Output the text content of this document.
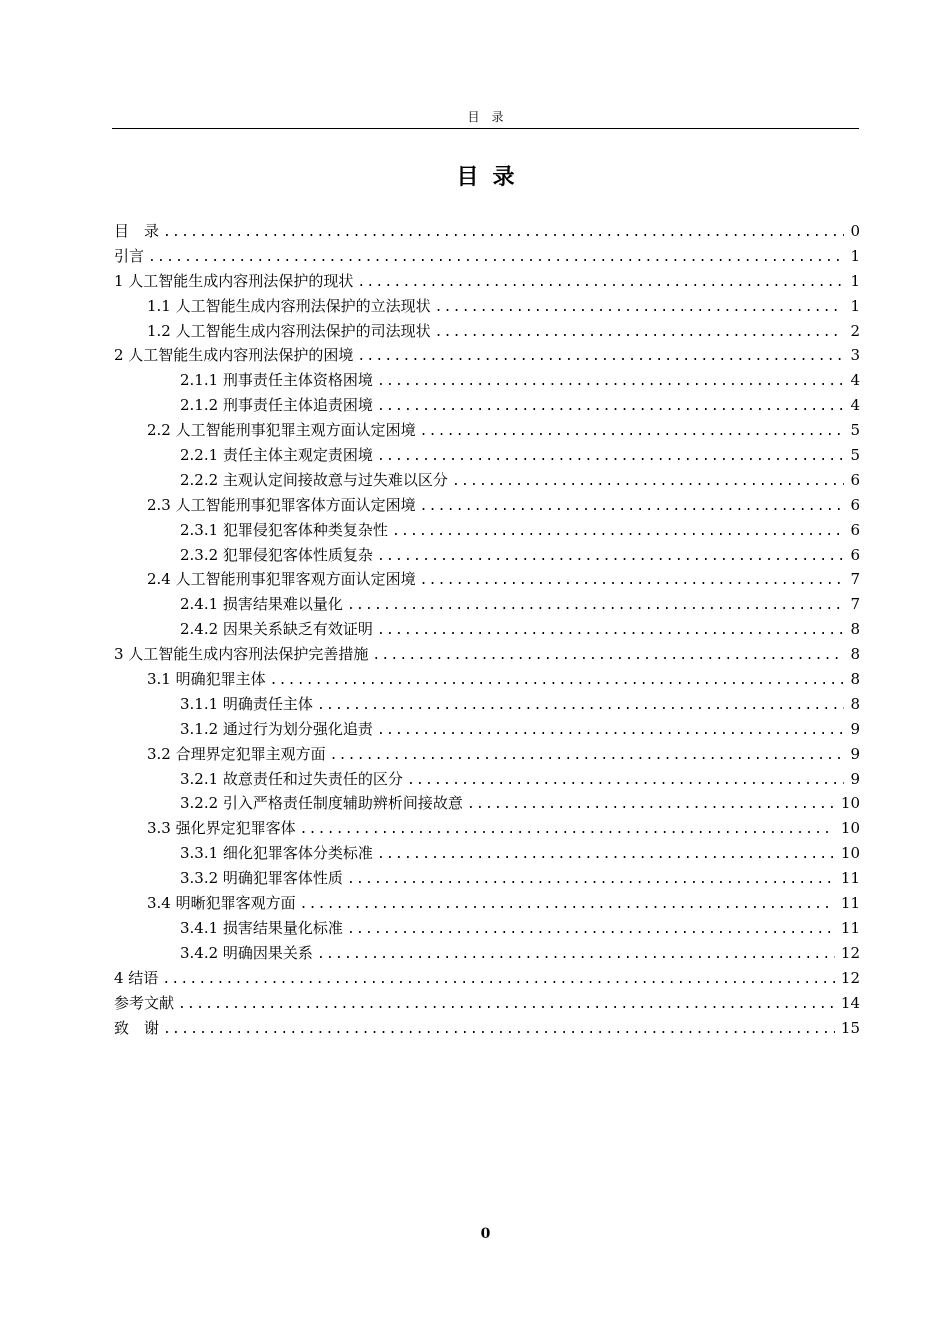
目　录
目录
目　录 .....	0
引言 .....	1
1 人工智能生成内容刑法保护的现状 .....	1
1.1 人工智能生成内容刑法保护的立法现状 .....	1
1.2 人工智能生成内容刑法保护的司法现状 .....	2
2 人工智能生成内容刑法保护的困境 .....	3
2.1.1 刑事责任主体资格困境 .....	4
2.1.2 刑事责任主体追责困境 .....	4
2.2 人工智能刑事犯罪主观方面认定困境 .....	5
2.2.1 责任主体主观定责困境 .....	5
2.2.2 主观认定间接故意与过失难以区分 .....	6
2.3 人工智能刑事犯罪客体方面认定困境 .....	6
2.3.1 犯罪侵犯客体种类复杂性 .....	6
2.3.2 犯罪侵犯客体性质复杂 .....	6
2.4 人工智能刑事犯罪客观方面认定困境 .....	7
2.4.1 损害结果难以量化 .....	7
2.4.2 因果关系缺乏有效证明 .....	8
3 人工智能生成内容刑法保护完善措施 .....	8
3.1 明确犯罪主体 .....	8
3.1.1 明确责任主体 .....	8
3.1.2 通过行为划分强化追责 .....	9
3.2 合理界定犯罪主观方面 .....	9
3.2.1 故意责任和过失责任的区分 .....	9
3.2.2 引入严格责任制度辅助辨析间接故意 .....	10
3.3 强化界定犯罪客体 .....	10
3.3.1 细化犯罪客体分类标准 .....	10
3.3.2 明确犯罪客体性质 .....	11
3.4 明晰犯罪客观方面 .....	11
3.4.1 损害结果量化标准 .....	11
3.4.2 明确因果关系 .....	12
4 结语 .....	12
参考文献 .....	14
致　谢 .....	15
0
